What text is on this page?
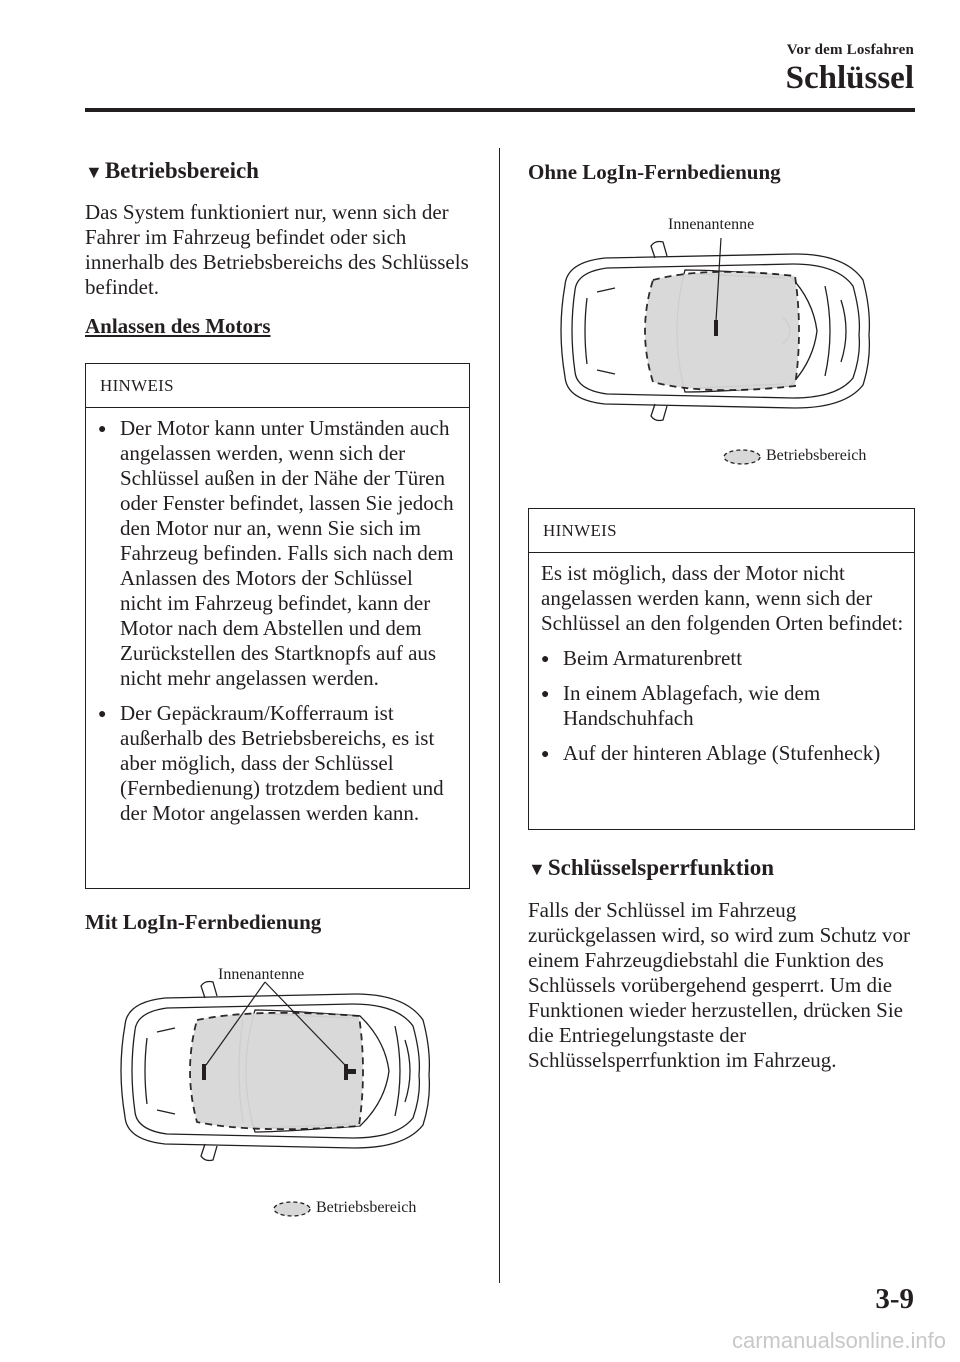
Vor dem Losfahren
Schlüssel
▼ Betriebsbereich
Das System funktioniert nur, wenn sich der Fahrer im Fahrzeug befindet oder sich innerhalb des Betriebsbereichs des Schlüssels befindet.
Anlassen des Motors
HINWEIS
● Der Motor kann unter Umständen auch angelassen werden, wenn sich der Schlüssel außen in der Nähe der Türen oder Fenster befindet, lassen Sie jedoch den Motor nur an, wenn Sie sich im Fahrzeug befinden. Falls sich nach dem Anlassen des Motors der Schlüssel nicht im Fahrzeug befindet, kann der Motor nach dem Abstellen und dem Zurückstellen des Startknopfs auf aus nicht mehr angelassen werden.
● Der Gepäckraum/Kofferraum ist außerhalb des Betriebsbereichs, es ist aber möglich, dass der Schlüssel (Fernbedienung) trotzdem bedient und der Motor angelassen werden kann.
Mit LogIn-Fernbedienung
Innenantenne
Betriebsbereich
Ohne LogIn-Fernbedienung
Innenantenne
Betriebsbereich
HINWEIS
Es ist möglich, dass der Motor nicht angelassen werden kann, wenn sich der Schlüssel an den folgenden Orten befindet:
● Beim Armaturenbrett
● In einem Ablagefach, wie dem Handschuhfach
● Auf der hinteren Ablage (Stufenheck)
▼ Schlüsselsperrfunktion
Falls der Schlüssel im Fahrzeug zurückgelassen wird, so wird zum Schutz vor einem Fahrzeugdiebstahl die Funktion des Schlüssels vorübergehend gesperrt. Um die Funktionen wieder herzustellen, drücken Sie die Entriegelungstaste der Schlüsselsperrfunktion im Fahrzeug.
3-9
carmanualsonline.info
